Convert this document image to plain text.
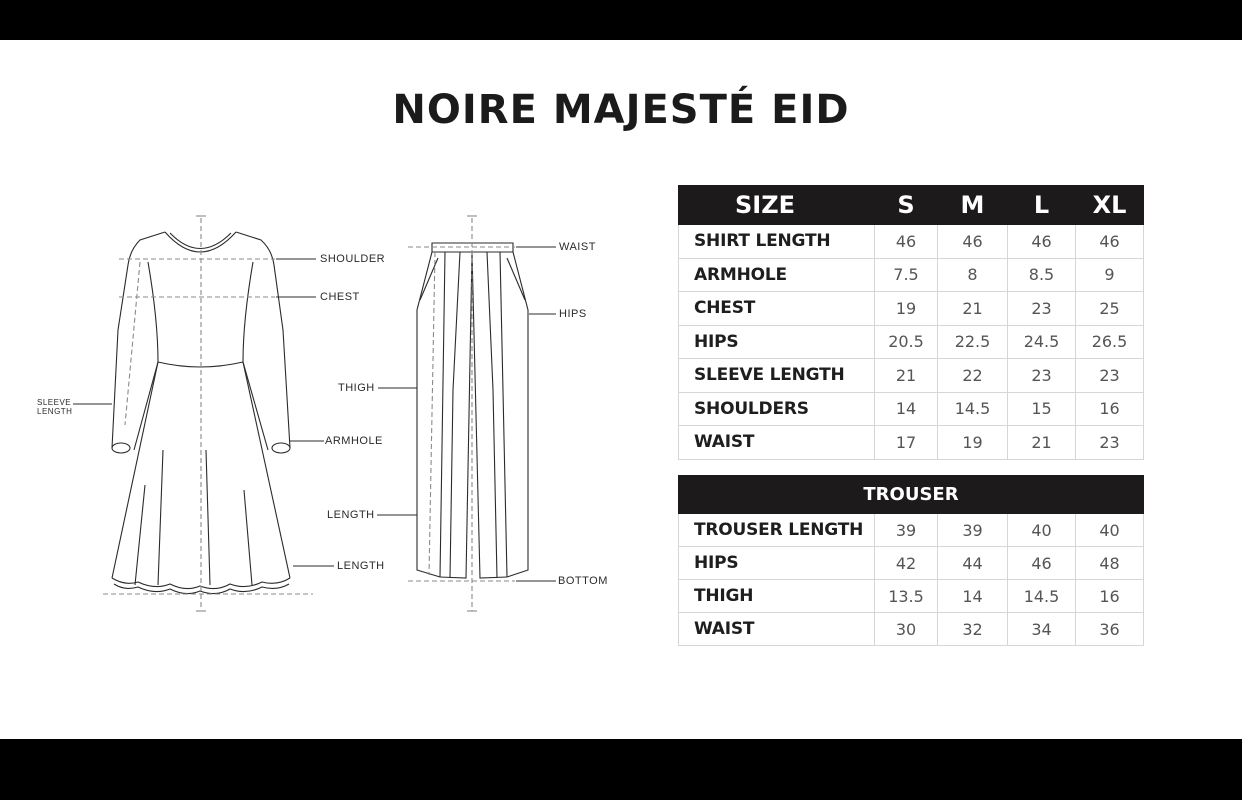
NOIRE MAJESTÉ EID
SHOULDER
CHEST
SLEEVE
LENGTH
ARMHOLE
LENGTH
WAIST
HIPS
THIGH
LENGTH
BOTTOM
SIZE	S	M	L	XL
SHIRT LENGTH	46	46	46	46
ARMHOLE	7.5	8	8.5	9
CHEST	19	21	23	25
HIPS	20.5	22.5	24.5	26.5
SLEEVE LENGTH	21	22	23	23
SHOULDERS	14	14.5	15	16
WAIST	17	19	21	23
TROUSER				
TROUSER LENGTH	39	39	40	40
HIPS	42	44	46	48
THIGH	13.5	14	14.5	16
WAIST	30	32	34	36
